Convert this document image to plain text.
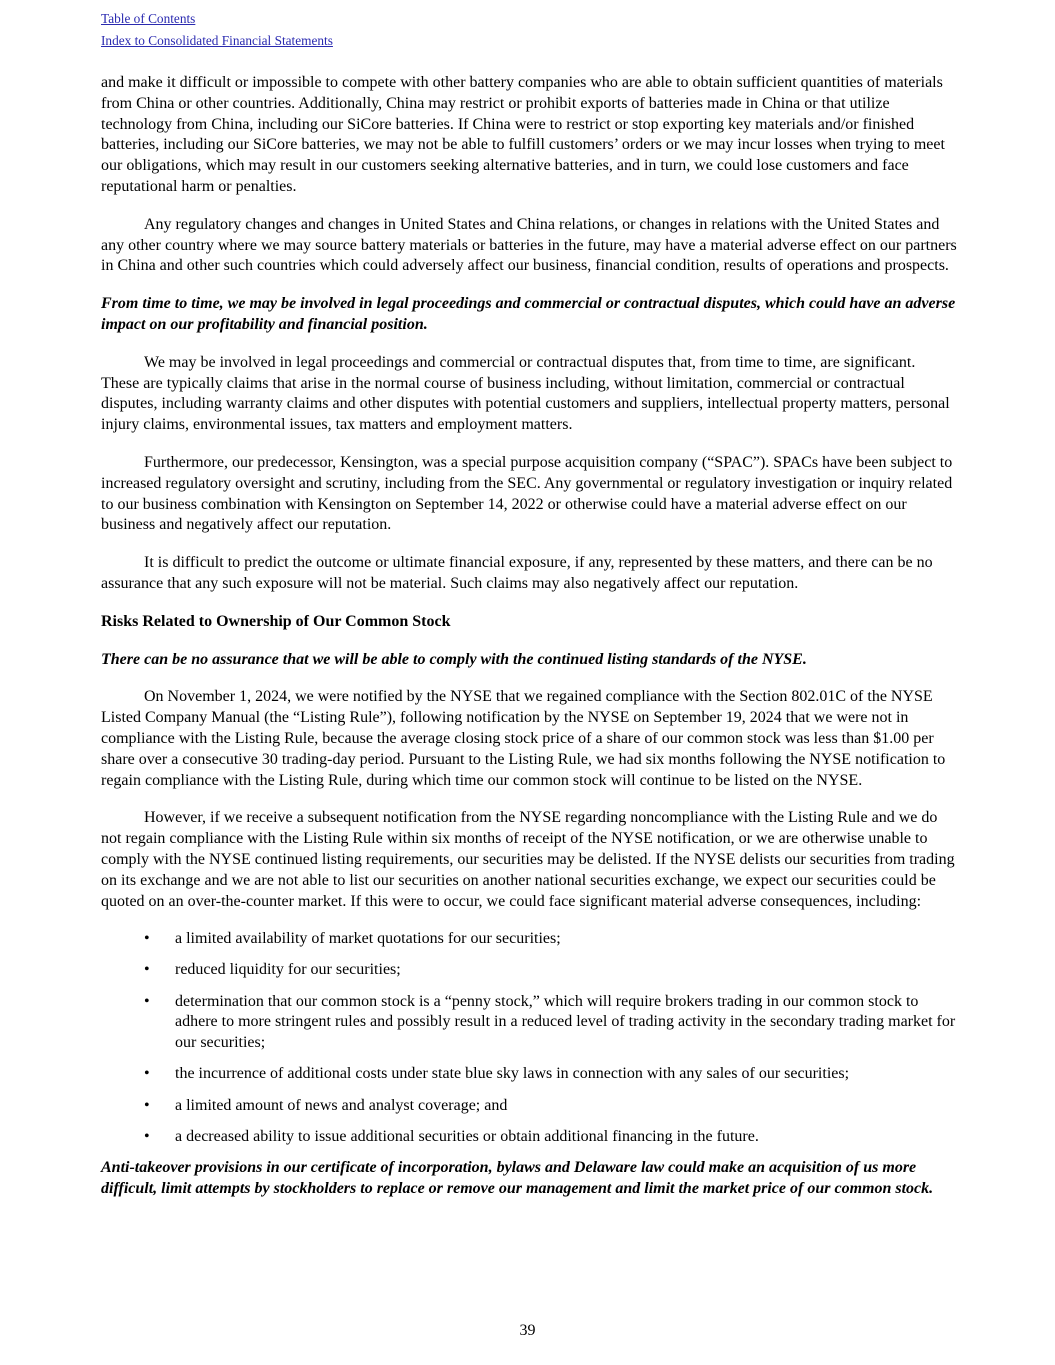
Table of Contents
Index to Consolidated Financial Statements

and make it difficult or impossible to compete with other battery companies who are able to obtain sufficient quantities of materials from China or other countries. Additionally, China may restrict or prohibit exports of batteries made in China or that utilize technology from China, including our SiCore batteries. If China were to restrict or stop exporting key materials and/or finished batteries, including our SiCore batteries, we may not be able to fulfill customers’ orders or we may incur losses when trying to meet our obligations, which may result in our customers seeking alternative batteries, and in turn, we could lose customers and face reputational harm or penalties.

Any regulatory changes and changes in United States and China relations, or changes in relations with the United States and any other country where we may source battery materials or batteries in the future, may have a material adverse effect on our partners in China and other such countries which could adversely affect our business, financial condition, results of operations and prospects.

From time to time, we may be involved in legal proceedings and commercial or contractual disputes, which could have an adverse impact on our profitability and financial position.

We may be involved in legal proceedings and commercial or contractual disputes that, from time to time, are significant. These are typically claims that arise in the normal course of business including, without limitation, commercial or contractual disputes, including warranty claims and other disputes with potential customers and suppliers, intellectual property matters, personal injury claims, environmental issues, tax matters and employment matters.

Furthermore, our predecessor, Kensington, was a special purpose acquisition company (“SPAC”). SPACs have been subject to increased regulatory oversight and scrutiny, including from the SEC. Any governmental or regulatory investigation or inquiry related to our business combination with Kensington on September 14, 2022 or otherwise could have a material adverse effect on our business and negatively affect our reputation.

It is difficult to predict the outcome or ultimate financial exposure, if any, represented by these matters, and there can be no assurance that any such exposure will not be material. Such claims may also negatively affect our reputation.

Risks Related to Ownership of Our Common Stock

There can be no assurance that we will be able to comply with the continued listing standards of the NYSE.

On November 1, 2024, we were notified by the NYSE that we regained compliance with the Section 802.01C of the NYSE Listed Company Manual (the “Listing Rule”), following notification by the NYSE on September 19, 2024 that we were not in compliance with the Listing Rule, because the average closing stock price of a share of our common stock was less than $1.00 per share over a consecutive 30 trading-day period. Pursuant to the Listing Rule, we had six months following the NYSE notification to regain compliance with the Listing Rule, during which time our common stock will continue to be listed on the NYSE.

However, if we receive a subsequent notification from the NYSE regarding noncompliance with the Listing Rule and we do not regain compliance with the Listing Rule within six months of receipt of the NYSE notification, or we are otherwise unable to comply with the NYSE continued listing requirements, our securities may be delisted. If the NYSE delists our securities from trading on its exchange and we are not able to list our securities on another national securities exchange, we expect our securities could be quoted on an over-the-counter market. If this were to occur, we could face significant material adverse consequences, including:

• a limited availability of market quotations for our securities;
• reduced liquidity for our securities;
• determination that our common stock is a “penny stock,” which will require brokers trading in our common stock to adhere to more stringent rules and possibly result in a reduced level of trading activity in the secondary trading market for our securities;
• the incurrence of additional costs under state blue sky laws in connection with any sales of our securities;
• a limited amount of news and analyst coverage; and
• a decreased ability to issue additional securities or obtain additional financing in the future.

Anti-takeover provisions in our certificate of incorporation, bylaws and Delaware law could make an acquisition of us more difficult, limit attempts by stockholders to replace or remove our management and limit the market price of our common stock.

39
